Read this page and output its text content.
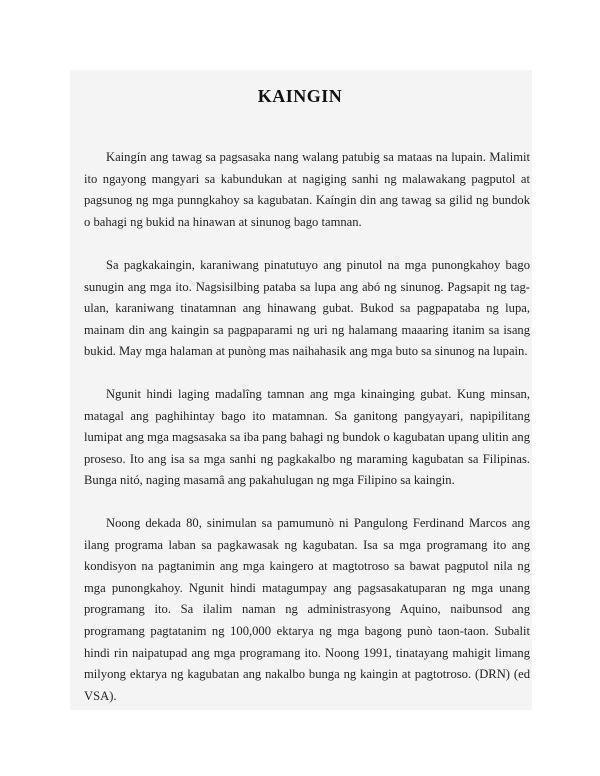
KAINGIN

Kaingín ang tawag sa pagsasaka nang walang patubig sa mataas na lupain. Malimit ito ngayong mangyari sa kabundukan at nagiging sanhi ng malawakang pagputol at pagsunog ng mga punngkahoy sa kagubatan. Kaíngin din ang tawag sa gilid ng bundok o bahagi ng bukid na hinawan at sinunog bago tamnan.

Sa pagkakaingin, karaniwang pinatutuyo ang pinutol na mga punongkahoy bago sunugin ang mga ito. Nagsisilbing pataba sa lupa ang abó ng sinunog. Pagsapit ng tag-ulan, karaniwang tinatamnan ang hinawang gubat. Bukod sa pagpapataba ng lupa, mainam din ang kaingin sa pagpaparami ng uri ng halamang maaaring itanim sa isang bukid. May mga halaman at punòng mas naihahasik ang mga buto sa sinunog na lupain.

Ngunit hindi laging madalîng tamnan ang mga kinainging gubat. Kung minsan, matagal ang paghihintay bago ito matamnan. Sa ganitong pangyayari, napipilitang lumipat ang mga magsasaka sa iba pang bahagi ng bundok o kagubatan upang ulitin ang proseso. Ito ang isa sa mga sanhi ng pagkakalbo ng maraming kagubatan sa Filipinas. Bunga nitó, naging masamâ ang pakahulugan ng mga Filipino sa kaingin.

Noong dekada 80, sinimulan sa pamumunò ni Pangulong Ferdinand Marcos ang ilang programa laban sa pagkawasak ng kagubatan. Isa sa mga programang ito ang kondisyon na pagtanimin ang mga kaingero at magtotroso sa bawat pagputol nila ng mga punongkahoy. Ngunit hindi matagumpay ang pagsasakatuparan ng mga unang programang ito. Sa ilalim naman ng administrasyong Aquino, naibunsod ang programang pagtatanim ng 100,000 ektarya ng mga bagong punò taon-taon. Subalit hindi rin naipatupad ang mga programang ito. Noong 1991, tinatayang mahigit limang milyong ektarya ng kagubatan ang nakalbo bunga ng kaingin at pagtotroso. (DRN) (ed VSA).
